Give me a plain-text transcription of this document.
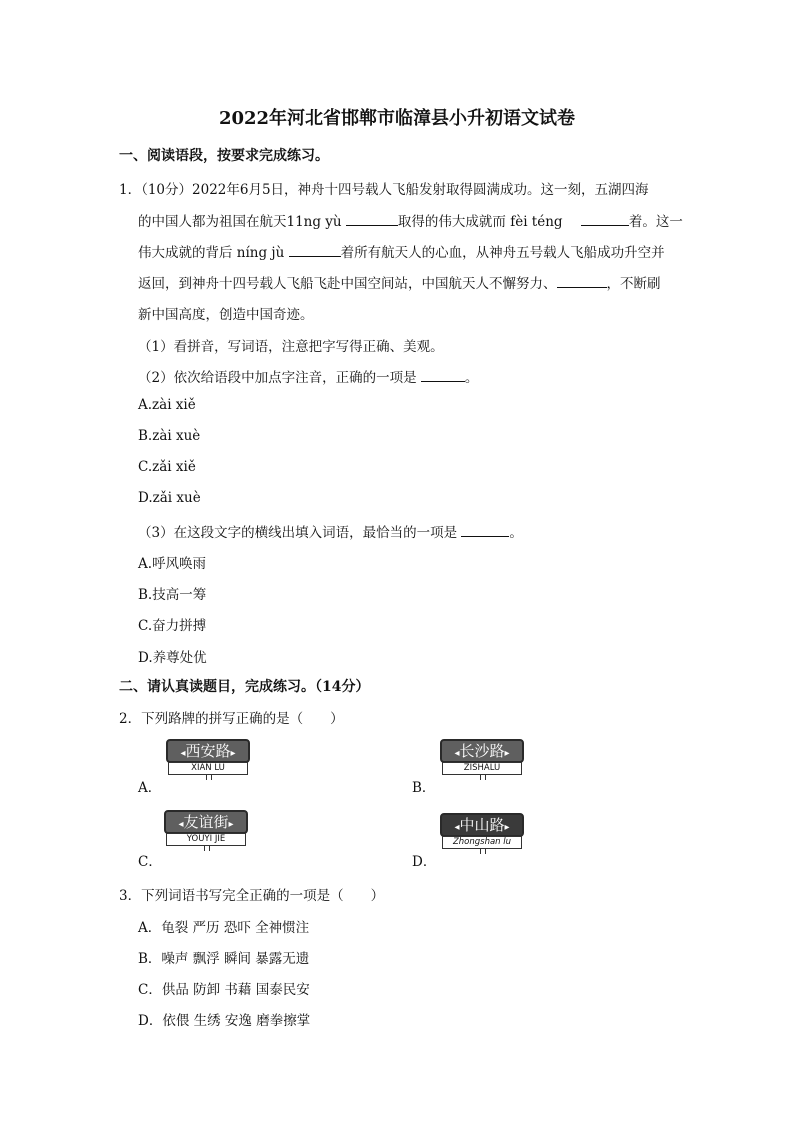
2022年河北省邯郸市临漳县小升初语文试卷
一、阅读语段，按要求完成练习。
1．（10分）2022年6月5日，神舟十四号载人飞船发射取得圆满成功。这一刻，五湖四海
的中国人都为祖国在航天11ng yù	取得的伟大成就而 fèi téng	着。这一
伟大成就的背后 níng jù	着所有航天人的心血，从神舟五号载人飞船成功升空并
返回，到神舟十四号载人飞船飞赴中国空间站，中国航天人不懈努力、	，不断刷
新中国高度，创造中国奇迹。
（1）看拼音，写词语，注意把字写得正确、美观。
（2）依次给语段中加点字注音，正确的一项是	。
A.zài xiě
B.zài xuè
C.zǎi xiě
D.zǎi xuè
（3）在这段文字的横线出填入词语，最恰当的一项是	。
A.呼风唤雨
B.技高一筹
C.奋力拼搏
D.养尊处优
二、请认真读题目，完成练习。（14分）
2．下列路牌的拼写正确的是（　　）
A．
◂西安路▸
XIAN LU
B．
◂长沙路▸
ZISHALU
C．
◂友谊街▸
YOUYI JIE
D．
◂中山路▸
Zhongshan lu
3．下列词语书写完全正确的一项是（　　）
A．龟裂 严历 恐吓 全神惯注
B．噪声 飘浮 瞬间 暴露无遗
C．供品 防卸 书藉 国泰民安
D．依偎 生绣 安逸 磨拳擦掌
